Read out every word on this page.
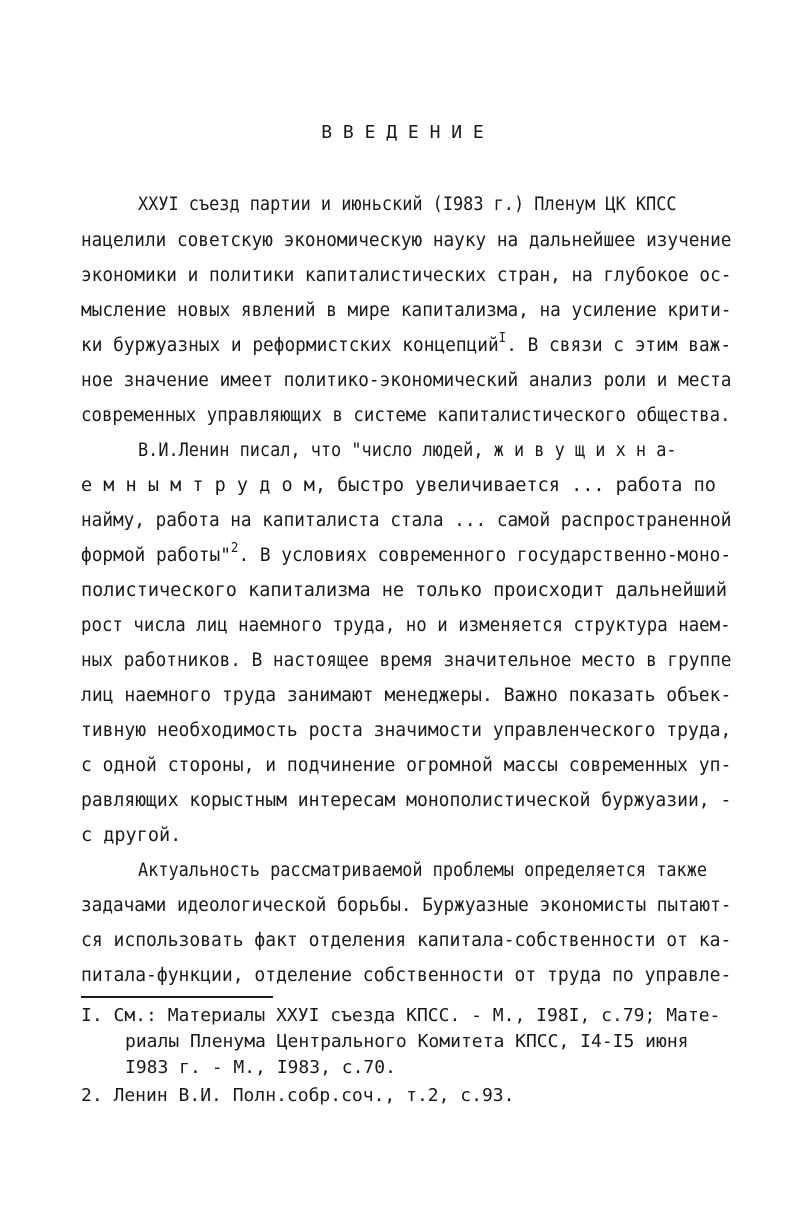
В В Е Д Е Н И Е
ХХУI съезд партии и июньский (I983 г.) Пленум ЦК КПСС
нацелили советскую экономическую науку на дальнейшее изучение
экономики и политики капиталистических стран, на глубокое ос-
мысление новых явлений в мире капитализма, на усиление крити-
ки буржуазных и реформистских концепций$^I$. В связи с этим важ-
ное значение имеет политико-экономический анализ роли и места
современных управляющих в системе капиталистического общества.
В.И.Ленин писал, что "число людей, ж и в у щ и х н а-
е м н ы м т р у д о м, быстро увеличивается ... работа по
найму, работа на капиталиста стала ... самой распространенной
формой работы"$^2$. В условиях современного государственно-моно-
полистического капитализма не только происходит дальнейший
рост числа лиц наемного труда, но и изменяется структура наем-
ных работников. В настоящее время значительное место в группе
лиц наемного труда занимают менеджеры. Важно показать объек-
тивную необходимость роста значимости управленческого труда,
с одной стороны, и подчинение огромной массы современных уп-
равляющих корыстным интересам монополистической буржуазии, -
с другой.
Актуальность рассматриваемой проблемы определяется также
задачами идеологической борьбы. Буржуазные экономисты пытают-
ся использовать факт отделения капитала-собственности от ка-
питала-функции, отделение собственности от труда по управле-
I. См.: Материалы ХХУI съезда КПСС. - М., I98I, с.79; Мате-
риалы Пленума Центрального Комитета КПСС, I4-I5 июня
I983 г. - М., I983, с.70.
2. Ленин В.И. Полн.собр.соч., т.2, с.93.
